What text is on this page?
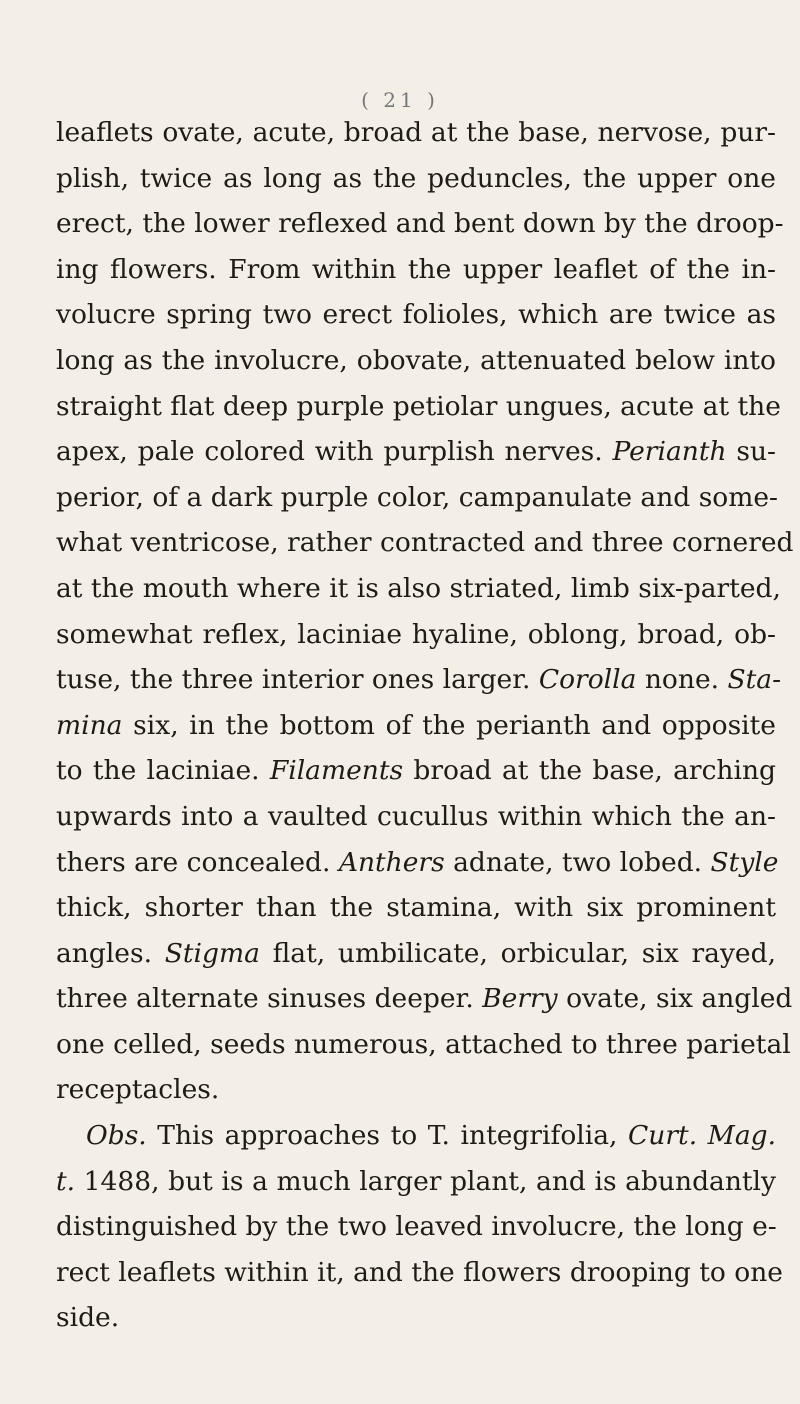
( 21 )
leaflets ovate, acute, broad at the base, nervose, pur-
plish, twice as long as the peduncles, the upper one
erect, the lower reflexed and bent down by the droop-
ing flowers. From within the upper leaflet of the in-
volucre spring two erect folioles, which are twice as
long as the involucre, obovate, attenuated below into
straight flat deep purple petiolar ungues, acute at the
apex, pale colored with purplish nerves. Perianth su-
perior, of a dark purple color, campanulate and some-
what ventricose, rather contracted and three cornered
at the mouth where it is also striated, limb six-parted,
somewhat reflex, laciniae hyaline, oblong, broad, ob-
tuse, the three interior ones larger. Corolla none. Sta-
mina six, in the bottom of the perianth and opposite
to the laciniae. Filaments broad at the base, arching
upwards into a vaulted cucullus within which the an-
thers are concealed. Anthers adnate, two lobed. Style
thick, shorter than the stamina, with six prominent
angles. Stigma flat, umbilicate, orbicular, six rayed,
three alternate sinuses deeper. Berry ovate, six angled
one celled, seeds numerous, attached to three parietal
receptacles.
Obs. This approaches to T. integrifolia, Curt. Mag.
t. 1488, but is a much larger plant, and is abundantly
distinguished by the two leaved involucre, the long e-
rect leaflets within it, and the flowers drooping to one
side.
